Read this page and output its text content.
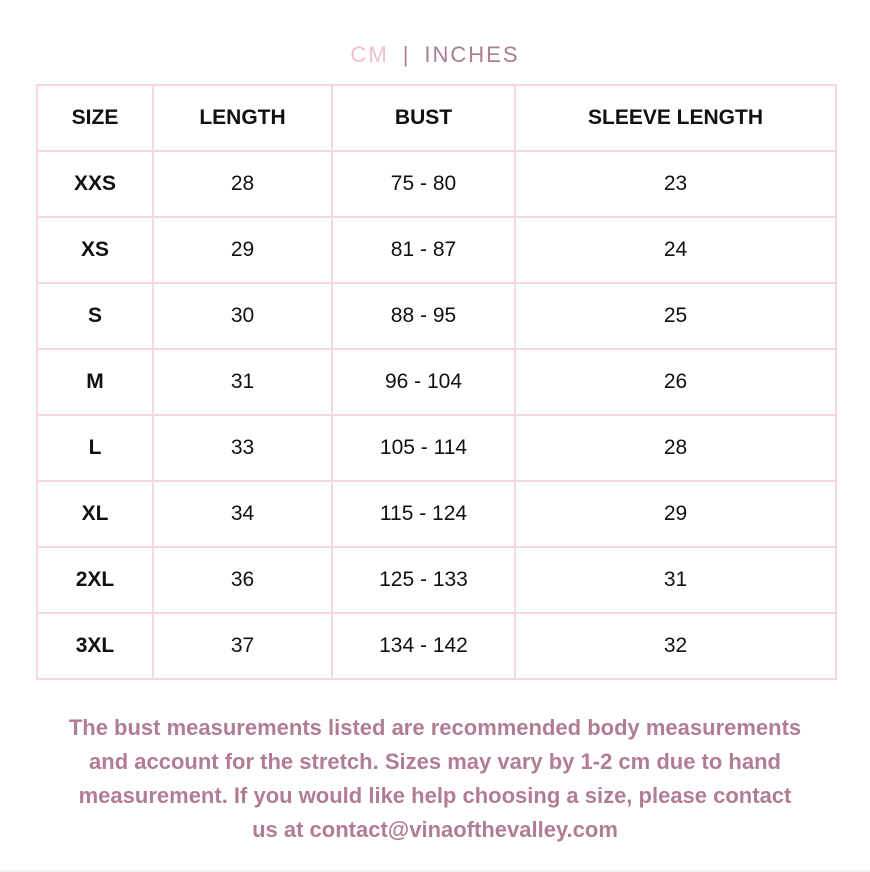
CM | INCHES
SIZE	LENGTH	BUST	SLEEVE LENGTH
XXS	28	75 - 80	23
XS	29	81 - 87	24
S	30	88 - 95	25
M	31	96 - 104	26
L	33	105 - 114	28
XL	34	115 - 124	29
2XL	36	125 - 133	31
3XL	37	134 - 142	32
The bust measurements listed are recommended body measurements
and account for the stretch. Sizes may vary by 1-2 cm due to hand
measurement. If you would like help choosing a size, please contact
us at contact@vinaofthevalley.com
